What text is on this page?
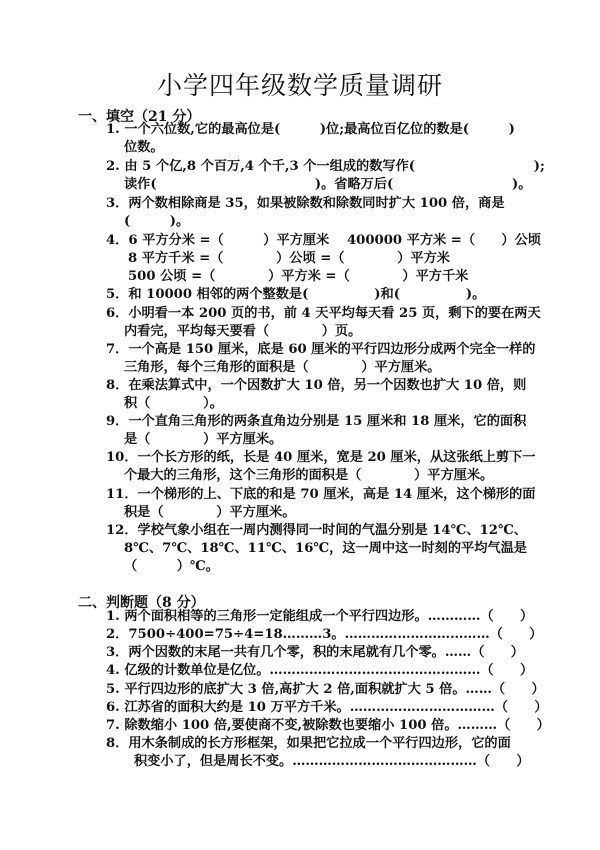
小学四年级数学质量调研
一、填空（21 分）
1. 一个六位数,它的最高位是(　　　)位;最高位百亿位的数是(　　　)
位数。
2. 由 5 个亿,8 个百万,4 个千,3 个一组成的数写作(　　　　　　　　　);
读作(　　　　　　　　　　　　)。省略万后(　　　　　　　　　)。
3．两个数相除商是 35，如果被除数和除数同时扩大 100 倍，商是
(　　　)。
4．6 平方分米 =（　　　）平方厘米　 400000 平方米 =（　　）公顷
8 平方千米 =（　　　　）公顷 =（　　　　）平方米
500 公顷 =（　　　　）平方米 =（　　　　）平方千米
5．和 10000 相邻的两个整数是(　　　　　)和(　　　　　)。
6．小明看一本 200 页的书，前 4 天平均每天看 25 页，剩下的要在两天
内看完，平均每天要看（　　　　）页。
7．一个高是 150 厘米，底是 60 厘米的平行四边形分成两个完全一样的
三角形，每个三角形的面积是（　　　　）平方厘米。
8．在乘法算式中，一个因数扩大 10 倍，另一个因数也扩大 10 倍，则
积（　　　　）。
9．一个直角三角形的两条直角边分别是 15 厘米和 18 厘米，它的面积
是（　　　　）平方厘米。
10．一个长方形的纸，长是 40 厘米，宽是 20 厘米，从这张纸上剪下一
个最大的三角形，这个三角形的面积是（　　　　）平方厘米。
11．一个梯形的上、下底的和是 70 厘米，高是 14 厘米，这个梯形的面
积是（　　　　）平方厘米。
12．学校气象小组在一周内测得同一时间的气温分别是 14℃、12℃、
8℃、7℃、18℃、11℃、16℃，这一周中这一时刻的平均气温是
（　　　）℃。
二、判断题（8 分）
1. 两个面积相等的三角形一定能组成一个平行四边形。…………（　　）
2．7500÷400=75÷4=18………3。……………………………（　　）
3．两个因数的末尾一共有几个零，积的末尾就有几个零。……（　　）
4. 亿级的计数单位是亿位。…………………………………………（　　）
5. 平行四边形的底扩大 3 倍,高扩大 2 倍,面积就扩大 5 倍。……（　　）
6. 江苏省的面积大约是 10 万平方千米。……………………………（　　）
7. 除数缩小 100 倍,要使商不变,被除数也要缩小 100 倍。………（　　）
8．用木条制成的长方形框架，如果把它拉成一个平行四边形，它的面
积变小了，但是周长不变。……………………………………（　　）
